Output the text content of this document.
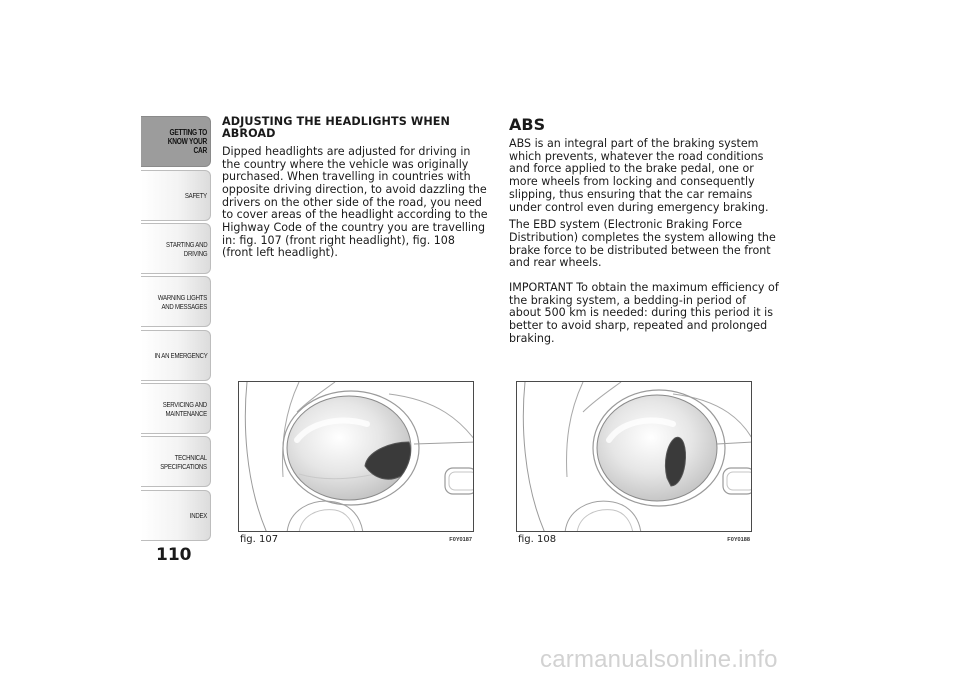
GETTING TO
KNOW YOUR CAR
SAFETY
STARTING AND
DRIVING
WARNING LIGHTS
AND MESSAGES
IN AN EMERGENCY
SERVICING AND
MAINTENANCE
TECHNICAL
SPECIFICATIONS
INDEX
110

ADJUSTING THE HEADLIGHTS WHEN ABROAD

Dipped headlights are adjusted for driving in the country where the vehicle was originally purchased. When travelling in countries with opposite driving direction, to avoid dazzling the drivers on the other side of the road, you need to cover areas of the headlight according to the Highway Code of the country you are travelling in: fig. 107 (front right headlight), fig. 108 (front left headlight).

ABS

ABS is an integral part of the braking system which prevents, whatever the road conditions and force applied to the brake pedal, one or more wheels from locking and consequently slipping, thus ensuring that the car remains under control even during emergency braking.

The EBD system (Electronic Braking Force Distribution) completes the system allowing the brake force to be distributed between the front and rear wheels.

IMPORTANT To obtain the maximum efficiency of the braking system, a bedding-in period of about 500 km is needed: during this period it is better to avoid sharp, repeated and prolonged braking.

fig. 107	F0Y0187	fig. 108	F0Y0188
carmanualsonline.info
